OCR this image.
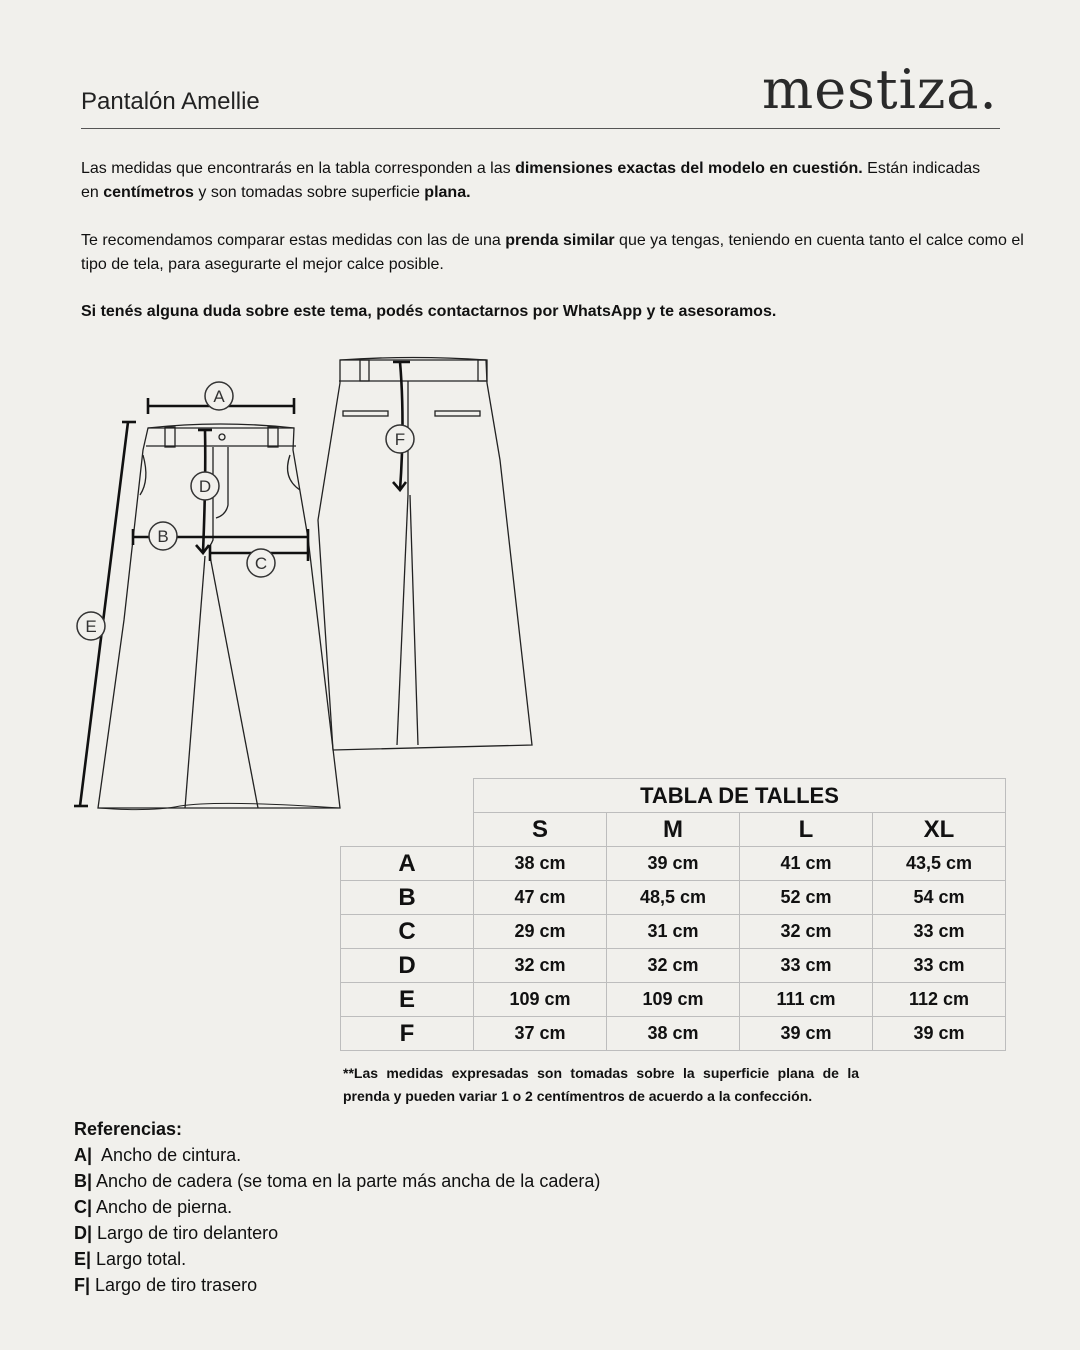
Pantalón Amellie	mestiza.
Las medidas que encontrarás en la tabla corresponden a las dimensiones exactas del modelo en cuestión. Están indicadas en centímetros y son tomadas sobre superficie plana.
Te recomendamos comparar estas medidas con las de una prenda similar que ya tengas, teniendo en cuenta tanto el calce como el tipo de tela, para asegurarte el mejor calce posible.
Si tenés alguna duda sobre este tema, podés contactarnos por WhatsApp y te asesoramos.
A
B
C
D
E
F
	TABLA DE TALLES			
	S	M	L	XL
A	38 cm	39 cm	41 cm	43,5 cm
B	47 cm	48,5 cm	52 cm	54 cm
C	29 cm	31 cm	32 cm	33 cm
D	32 cm	32 cm	33 cm	33 cm
E	109 cm	109 cm	111 cm	112 cm
F	37 cm	38 cm	39 cm	39 cm
**Las medidas expresadas son tomadas sobre la superficie plana de la prenda y pueden variar 1 o 2 centímentros de acuerdo a la confección.
Referencias:
A|  Ancho de cintura.
B| Ancho de cadera (se toma en la parte más ancha de la cadera)
C| Ancho de pierna.
D| Largo de tiro delantero
E| Largo total.
F| Largo de tiro trasero
